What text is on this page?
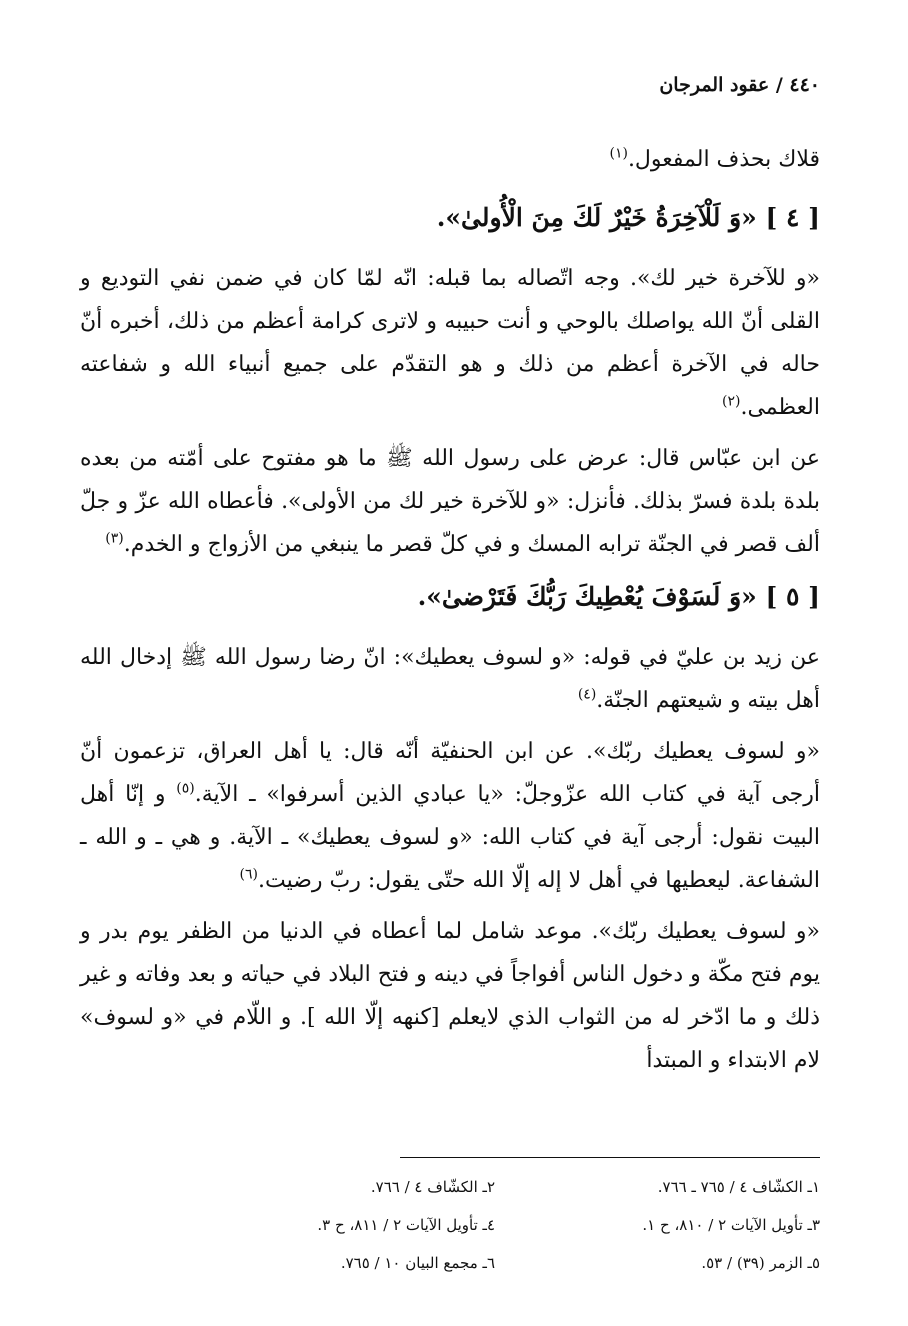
٤٤٠ / عقود المرجان

قلاك بحذف المفعول.$^{(١)}$

[ ٤ ] «وَ لَلْآخِرَةُ خَيْرٌ لَكَ مِنَ الْأُولىٰ».

«و للآخرة خير لك». وجه اتّصاله بما قبله: انّه لمّا كان في ضمن نفي التوديع و القلى أنّ الله يواصلك بالوحي و أنت حبيبه و لاترى كرامة أعظم من ذلك، أخبره أنّ حاله في الآخرة أعظم من ذلك و هو التقدّم على جميع أنبياء الله و شفاعته العظمى.$^{(٢)}$

عن ابن عبّاس قال: عرض على رسول الله ﷺ ما هو مفتوح على أمّته من بعده بلدة بلدة فسرّ بذلك. فأنزل: «و للآخرة خير لك من الأولى». فأعطاه الله عزّ و جلّ ألف قصر في الجنّة ترابه المسك و في كلّ قصر ما ينبغي من الأزواج و الخدم.$^{(٣)}$

[ ٥ ] «وَ لَسَوْفَ يُعْطِيكَ رَبُّكَ فَتَرْضىٰ».

عن زيد بن عليّ في قوله: «و لسوف يعطيك»: انّ رضا رسول الله ﷺ إدخال الله أهل بيته و شيعتهم الجنّة.$^{(٤)}$

«و لسوف يعطيك ربّك». عن ابن الحنفيّة أنّه قال: يا أهل العراق، تزعمون أنّ أرجى آية في كتاب الله عزّوجلّ: «يا عبادي الذين أسرفوا» ـ الآية.$^{(٥)}$ و إنّا أهل البيت نقول: أرجى آية في كتاب الله: «و لسوف يعطيك» ـ الآية. و هي ـ و الله ـ الشفاعة. ليعطيها في أهل لا إله إلّا الله حتّى يقول: ربّ رضيت.$^{(٦)}$

«و لسوف يعطيك ربّك». موعد شامل لما أعطاه في الدنيا من الظفر يوم بدر و يوم فتح مكّة و دخول الناس أفواجاً في دينه و فتح البلاد في حياته و بعد وفاته و غير ذلك و ما ادّخر له من الثواب الذي لايعلم [كنهه إلّا الله ]. و اللّام في «و لسوف» لام الابتداء و المبتدأ

١ـ الكشّاف ٤ / ٧٦٥ ـ ٧٦٦.
٢ـ الكشّاف ٤ / ٧٦٦.
٣ـ تأويل الآيات ٢ / ٨١٠، ح ١.
٤ـ تأويل الآيات ٢ / ٨١١، ح ٣.
٥ـ الزمر (٣٩) / ٥٣.
٦ـ مجمع البيان ١٠ / ٧٦٥.
